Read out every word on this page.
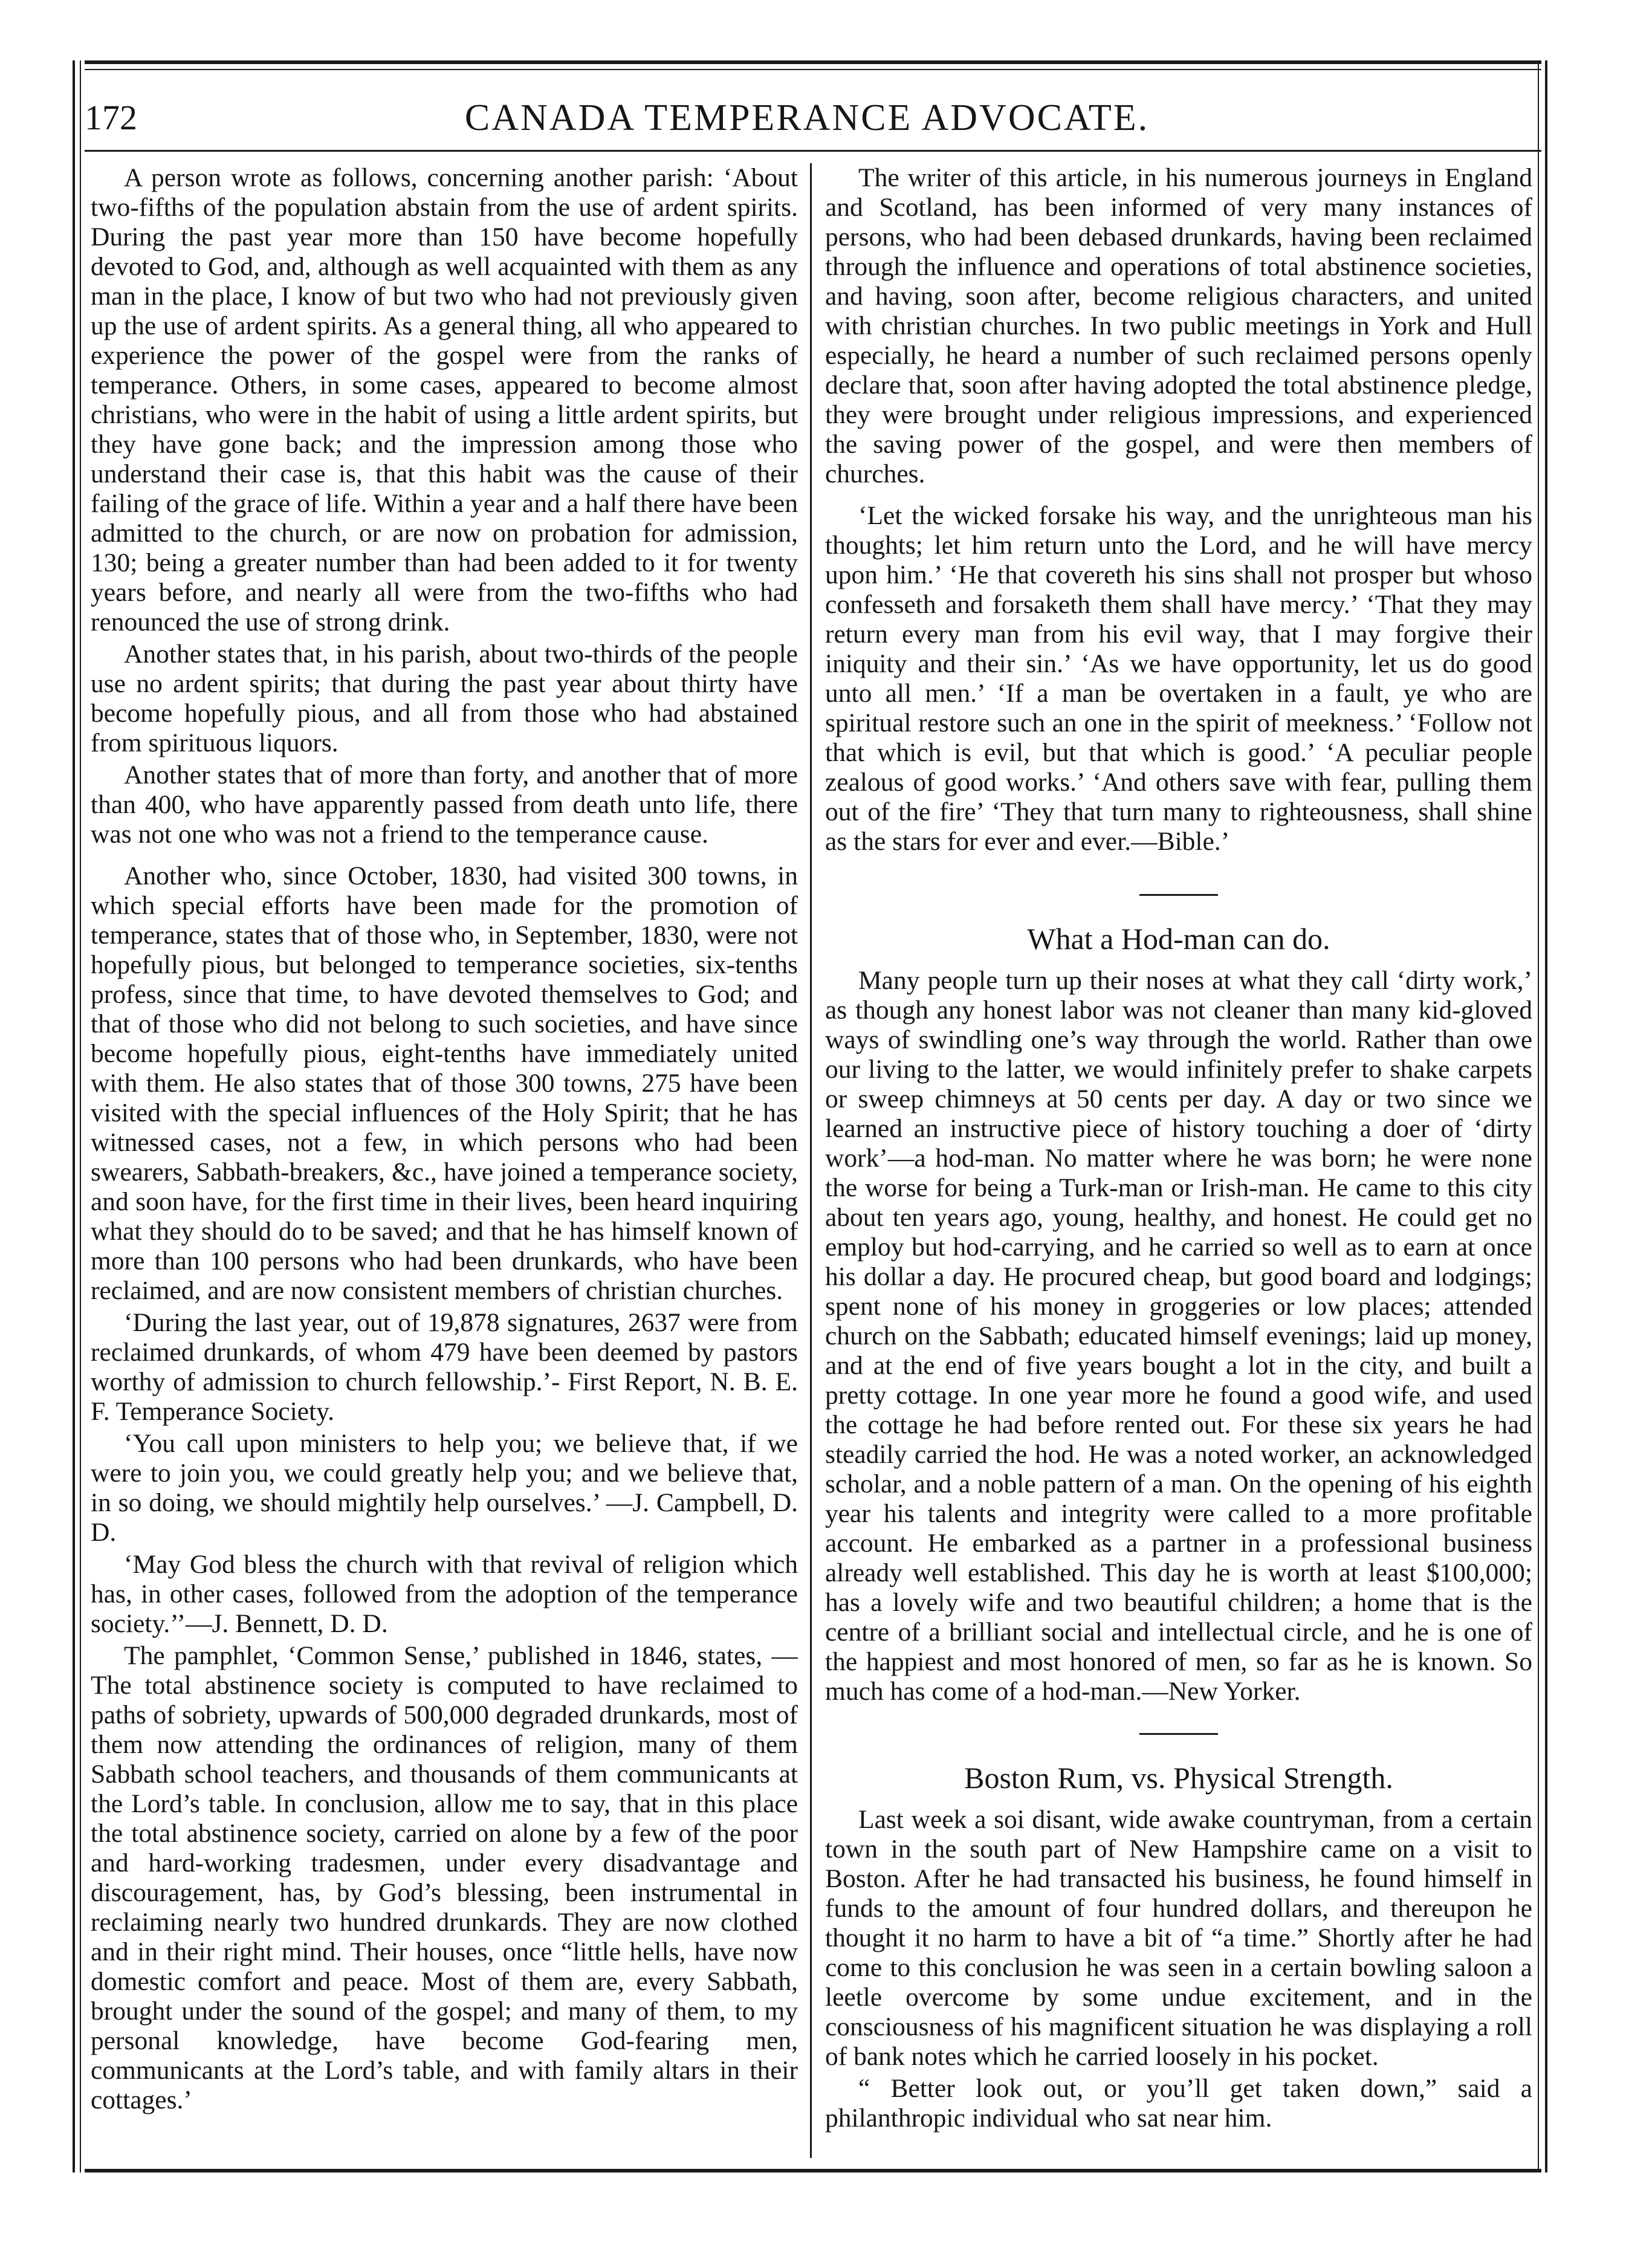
172	CANADA TEMPERANCE ADVOCATE.

A person wrote as follows, concerning another parish: ‘About two-fifths of the population abstain from the use of ardent spirits. During the past year more than 150 have become hopefully devoted to God, and, although as well acquainted with them as any man in the place, I know of but two who had not previously given up the use of ardent spirits. As a general thing, all who appeared to experience the power of the gospel were from the ranks of temperance. Others, in some cases, appeared to become almost christians, who were in the habit of using a little ardent spirits, but they have gone back; and the impression among those who understand their case is, that this habit was the cause of their failing of the grace of life. Within a year and a half there have been admitted to the church, or are now on probation for admission, 130; being a greater number than had been added to it for twenty years before, and nearly all were from the two-fifths who had renounced the use of strong drink.

Another states that, in his parish, about two-thirds of the people use no ardent spirits; that during the past year about thirty have become hopefully pious, and all from those who had abstained from spirituous liquors.

Another states that of more than forty, and another that of more than 400, who have apparently passed from death unto life, there was not one who was not a friend to the temperance cause.

Another who, since October, 1830, had visited 300 towns, in which special efforts have been made for the promotion of temperance, states that of those who, in September, 1830, were not hopefully pious, but belonged to temperance societies, six-tenths profess, since that time, to have devoted themselves to God; and that of those who did not belong to such societies, and have since become hopefully pious, eight-tenths have immediately united with them. He also states that of those 300 towns, 275 have been visited with the special influences of the Holy Spirit; that he has witnessed cases, not a few, in which persons who had been swearers, Sabbath-breakers, &c., have joined a temperance society, and soon have, for the first time in their lives, been heard inquiring what they should do to be saved; and that he has himself known of more than 100 persons who had been drunkards, who have been reclaimed, and are now consistent members of christian churches.

‘During the last year, out of 19,878 signatures, 2637 were from reclaimed drunkards, of whom 479 have been deemed by pastors worthy of admission to church fellowship.’- First Report, N. B. E. F. Temperance Society.

‘You call upon ministers to help you; we believe that, if we were to join you, we could greatly help you; and we believe that, in so doing, we should mightily help ourselves.’ —J. Campbell, D. D.

‘May God bless the church with that revival of religion which has, in other cases, followed from the adoption of the temperance society.’’—J. Bennett, D. D.

The pamphlet, ‘Common Sense,’ published in 1846, states, —The total abstinence society is computed to have reclaimed to paths of sobriety, upwards of 500,000 degraded drunkards, most of them now attending the ordinances of religion, many of them Sabbath school teachers, and thousands of them communicants at the Lord’s table. In conclusion, allow me to say, that in this place the total abstinence society, carried on alone by a few of the poor and hard-working tradesmen, under every disadvantage and discouragement, has, by God’s blessing, been instrumental in reclaiming nearly two hundred drunkards. They are now clothed and in their right mind. Their houses, once “little hells, have now domestic comfort and peace. Most of them are, every Sabbath, brought under the sound of the gospel; and many of them, to my personal knowledge, have become God-fearing men, communicants at the Lord’s table, and with family altars in their cottages.’

The writer of this article, in his numerous journeys in England and Scotland, has been informed of very many instances of persons, who had been debased drunkards, having been reclaimed through the influence and operations of total abstinence societies, and having, soon after, become religious characters, and united with christian churches. In two public meetings in York and Hull especially, he heard a number of such reclaimed persons openly declare that, soon after having adopted the total abstinence pledge, they were brought under religious impressions, and experienced the saving power of the gospel, and were then members of churches.

‘Let the wicked forsake his way, and the unrighteous man his thoughts; let him return unto the Lord, and he will have mercy upon him.’ ‘He that covereth his sins shall not prosper but whoso confesseth and forsaketh them shall have mercy.’ ‘That they may return every man from his evil way, that I may forgive their iniquity and their sin.’ ‘As we have opportunity, let us do good unto all men.’ ‘If a man be overtaken in a fault, ye who are spiritual restore such an one in the spirit of meekness.’ ‘Follow not that which is evil, but that which is good.’ ‘A peculiar people zealous of good works.’ ‘And others save with fear, pulling them out of the fire’ ‘They that turn many to righteousness, shall shine as the stars for ever and ever.—Bible.’

What a Hod-man can do.

Many people turn up their noses at what they call ‘dirty work,’ as though any honest labor was not cleaner than many kid-gloved ways of swindling one’s way through the world. Rather than owe our living to the latter, we would infinitely prefer to shake carpets or sweep chimneys at 50 cents per day. A day or two since we learned an instructive piece of history touching a doer of ‘dirty work’—a hod-man. No matter where he was born; he were none the worse for being a Turk-man or Irish-man. He came to this city about ten years ago, young, healthy, and honest. He could get no employ but hod-carrying, and he carried so well as to earn at once his dollar a day. He procured cheap, but good board and lodgings; spent none of his money in groggeries or low places; attended church on the Sabbath; educated himself evenings; laid up money, and at the end of five years bought a lot in the city, and built a pretty cottage. In one year more he found a good wife, and used the cottage he had before rented out. For these six years he had steadily carried the hod. He was a noted worker, an acknowledged scholar, and a noble pattern of a man. On the opening of his eighth year his talents and integrity were called to a more profitable account. He embarked as a partner in a professional business already well established. This day he is worth at least $100,000; has a lovely wife and two beautiful children; a home that is the centre of a brilliant social and intellectual circle, and he is one of the happiest and most honored of men, so far as he is known. So much has come of a hod-man.—New Yorker.

Boston Rum, vs. Physical Strength.

Last week a soi disant, wide awake countryman, from a certain town in the south part of New Hampshire came on a visit to Boston. After he had transacted his business, he found himself in funds to the amount of four hundred dollars, and thereupon he thought it no harm to have a bit of “a time.” Shortly after he had come to this conclusion he was seen in a certain bowling saloon a leetle overcome by some undue excitement, and in the consciousness of his magnificent situation he was displaying a roll of bank notes which he carried loosely in his pocket.

“ Better look out, or you’ll get taken down,” said a philanthropic individual who sat near him.
